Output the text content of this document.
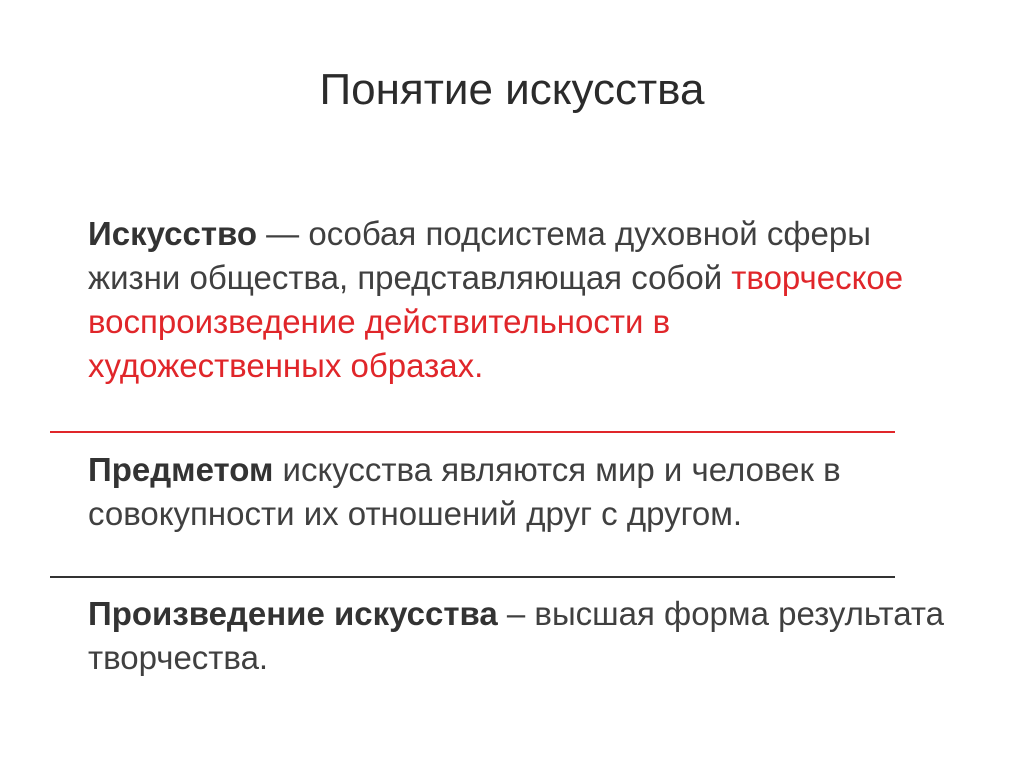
Понятие искусства
Искусство — особая подсистема духовной сферы жизни общества, представляющая собой творческое воспроизведение действительности в художественных образах.
Предметом искусства являются мир и человек в совокупности их отношений друг с другом.
Произведение искусства – высшая форма результата творчества.
